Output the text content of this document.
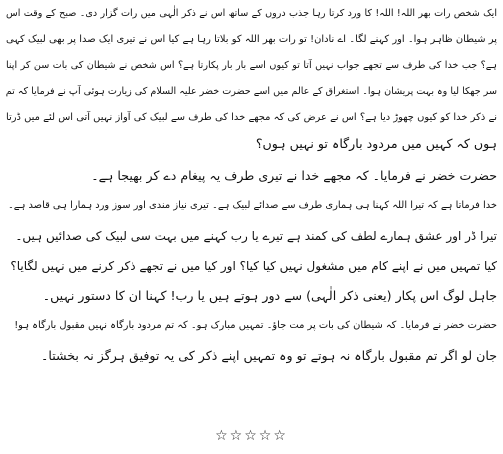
ایک شخص رات بھر اللہ! اللہ! کا ورد کرتا رہا جذب دروں کے ساتھ اس نے ذکر الٰہی میں رات گزار دی۔ صبح کے وقت اس
پر شیطان ظاہر ہوا۔ اور کہنے لگا۔ اے نادان! تو رات بھر اللہ کو بلاتا رہا ہے کیا اس نے تیری ایک صدا پر بھی لبیک کہی
ہے؟ جب خدا کی طرف سے تجھے جواب نہیں آتا تو کیوں اسے بار بار پکارتا ہے؟ اس شخص نے شیطان کی بات سن کر اپنا
سر جھکا لیا وہ بہت پریشان ہوا۔ استغراق کے عالم میں اسے حضرت خضر علیہ السلام کی زیارت ہوئی آپ نے فرمایا کہ تم
نے ذکر خدا کو کیوں چھوڑ دیا ہے؟ اس نے عرض کی کہ مجھے خدا کی طرف سے لبیک کی آواز نہیں آتی اس لئے میں ڈرتا
ہوں کہ کہیں میں مردود بارگاہ تو نہیں ہوں؟
حضرت خضر نے فرمایا۔ کہ مجھے خدا نے تیری طرف یہ پیغام دے کر بھیجا ہے۔
خدا فرماتا ہے کہ تیرا اللہ کہنا ہی ہماری طرف سے صدائے لبیک ہے۔ تیری نیاز مندی اور سوز ورد ہمارا ہی قاصد ہے۔
تیرا ڈر اور عشق ہمارے لطف کی کمند ہے تیرے یا رب کہنے میں بہت سی لبیک کی صدائیں ہیں۔
کیا تمہیں میں نے اپنے کام میں مشغول نہیں کیا کیا؟ اور کیا میں نے تجھے ذکر کرنے میں نہیں لگایا؟
جاہل لوگ اس پکار (یعنی ذکر الٰہی) سے دور ہوتے ہیں یا رب! کہنا ان کا دستور نہیں۔
حضرت خضر نے فرمایا۔ کہ شیطان کی بات پر مت جاؤ۔ تمہیں مبارک ہو۔ کہ تم مردود بارگاہ نہیں مقبول بارگاہ ہو!
جان لو اگر تم مقبول بارگاہ نہ ہوتے تو وہ تمہیں اپنے ذکر کی یہ توفیق ہرگز نہ بخشتا۔
☆☆☆☆☆
